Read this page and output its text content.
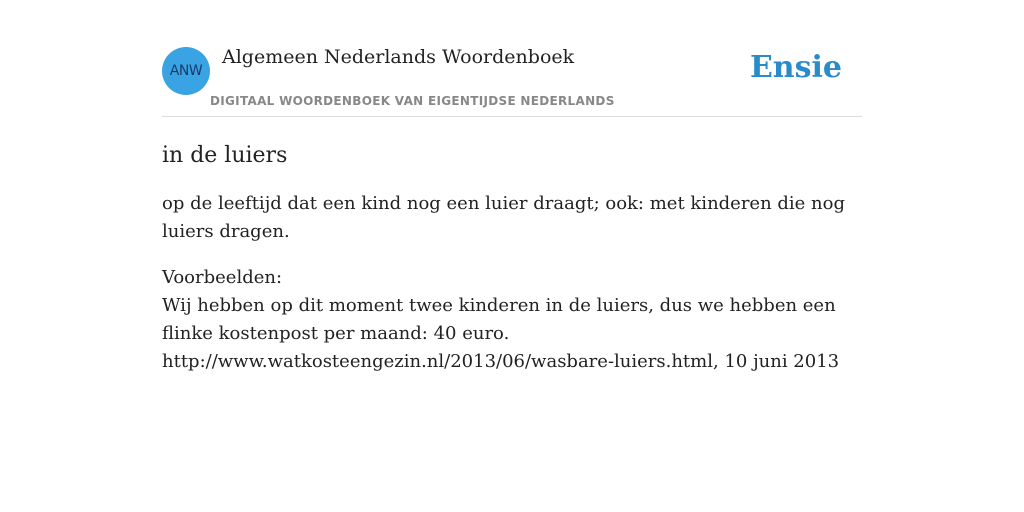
ANW
Algemeen Nederlands Woordenboek
DIGITAAL WOORDENBOEK VAN EIGENTIJDSE NEDERLANDS
Ensie
in de luiers

op de leeftijd dat een kind nog een luier draagt; ook: met kinderen die nog luiers dragen.

Voorbeelden:
Wij hebben op dit moment twee kinderen in de luiers, dus we hebben een flinke kostenpost per maand: 40 euro.
http://www.watkosteengezin.nl/2013/06/wasbare-luiers.html, 10 juni 2013
